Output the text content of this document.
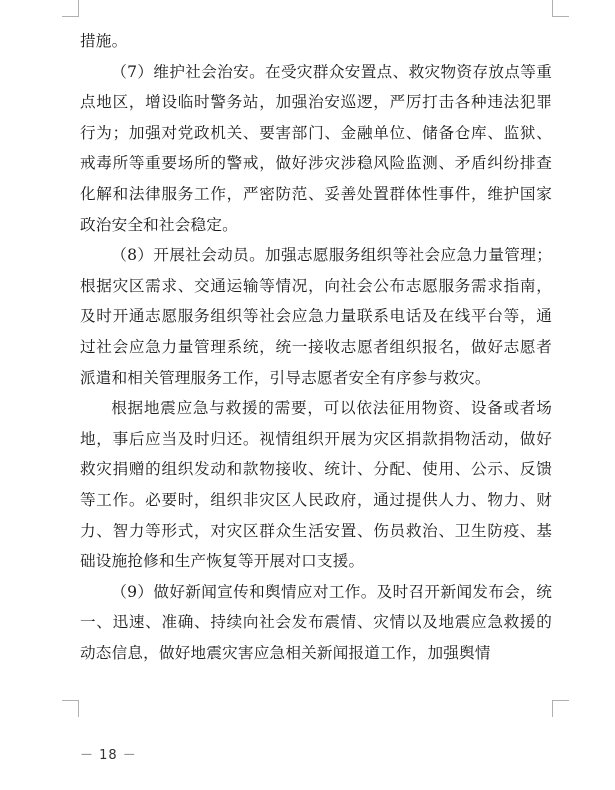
措施。

（7）维护社会治安。在受灾群众安置点、救灾物资存放点等重点地区，增设临时警务站，加强治安巡逻，严厉打击各种违法犯罪行为；加强对党政机关、要害部门、金融单位、储备仓库、监狱、戒毒所等重要场所的警戒，做好涉灾涉稳风险监测、矛盾纠纷排查化解和法律服务工作，严密防范、妥善处置群体性事件，维护国家政治安全和社会稳定。

（8）开展社会动员。加强志愿服务组织等社会应急力量管理；根据灾区需求、交通运输等情况，向社会公布志愿服务需求指南，及时开通志愿服务组织等社会应急力量联系电话及在线平台等，通过社会应急力量管理系统，统一接收志愿者组织报名，做好志愿者派遣和相关管理服务工作，引导志愿者安全有序参与救灾。

根据地震应急与救援的需要，可以依法征用物资、设备或者场地，事后应当及时归还。视情组织开展为灾区捐款捐物活动，做好救灾捐赠的组织发动和款物接收、统计、分配、使用、公示、反馈等工作。必要时，组织非灾区人民政府，通过提供人力、物力、财力、智力等形式，对灾区群众生活安置、伤员救治、卫生防疫、基础设施抢修和生产恢复等开展对口支援。

（9）做好新闻宣传和舆情应对工作。及时召开新闻发布会，统一、迅速、准确、持续向社会发布震情、灾情以及地震应急救援的动态信息，做好地震灾害应急相关新闻报道工作，加强舆情

－ 18 －
